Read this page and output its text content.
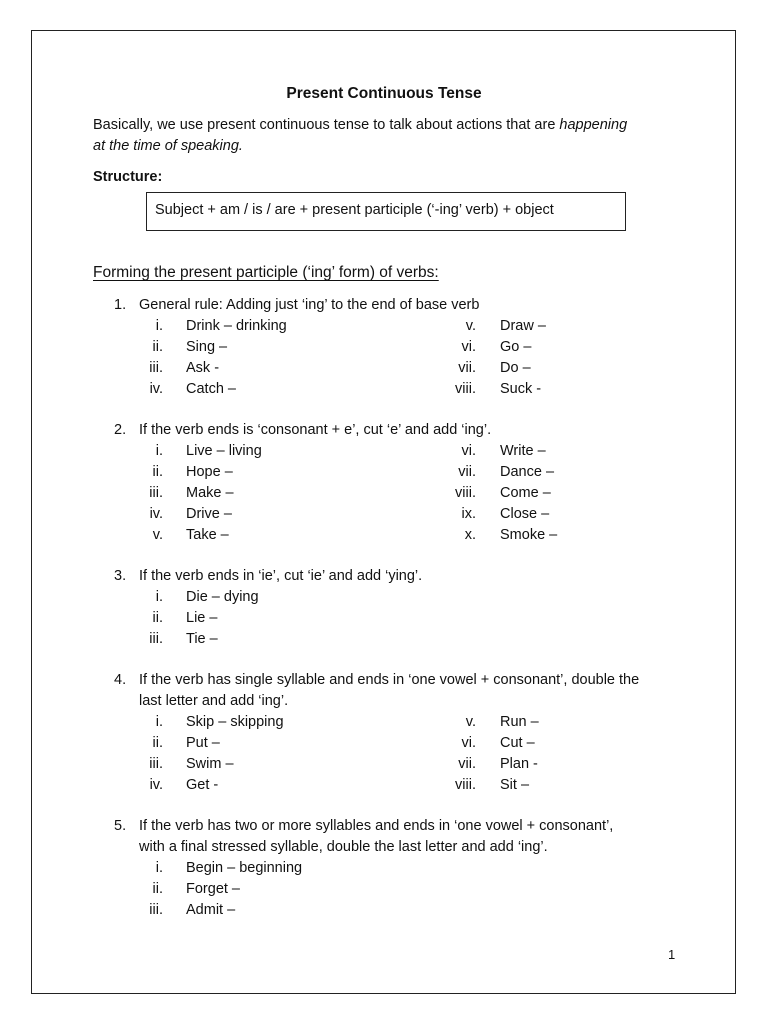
Present Continuous Tense
Basically, we use present continuous tense to talk about actions that are happening
at the time of speaking.
Structure:
Subject + am / is / are + present participle (‘-ing’ verb) + object
Forming the present participle (‘ing’ form) of verbs:
1. General rule: Adding just ‘ing’ to the end of base verb
i. Drink – drinking
ii. Sing –
iii. Ask -
iv. Catch –
v. Draw –
vi. Go –
vii. Do –
viii. Suck -
2. If the verb ends is ‘consonant + e’, cut ‘e’ and add ‘ing’.
i. Live – living
ii. Hope –
iii. Make –
iv. Drive –
v. Take –
vi. Write –
vii. Dance –
viii. Come –
ix. Close –
x. Smoke –
3. If the verb ends in ‘ie’, cut ‘ie’ and add ‘ying’.
i. Die – dying
ii. Lie –
iii. Tie –
4. If the verb has single syllable and ends in ‘one vowel + consonant’, double the
last letter and add ‘ing’.
i. Skip – skipping
ii. Put –
iii. Swim –
iv. Get -
v. Run –
vi. Cut –
vii. Plan -
viii. Sit –
5. If the verb has two or more syllables and ends in ‘one vowel + consonant’,
with a final stressed syllable, double the last letter and add ‘ing’.
i. Begin – beginning
ii. Forget –
iii. Admit –
1
